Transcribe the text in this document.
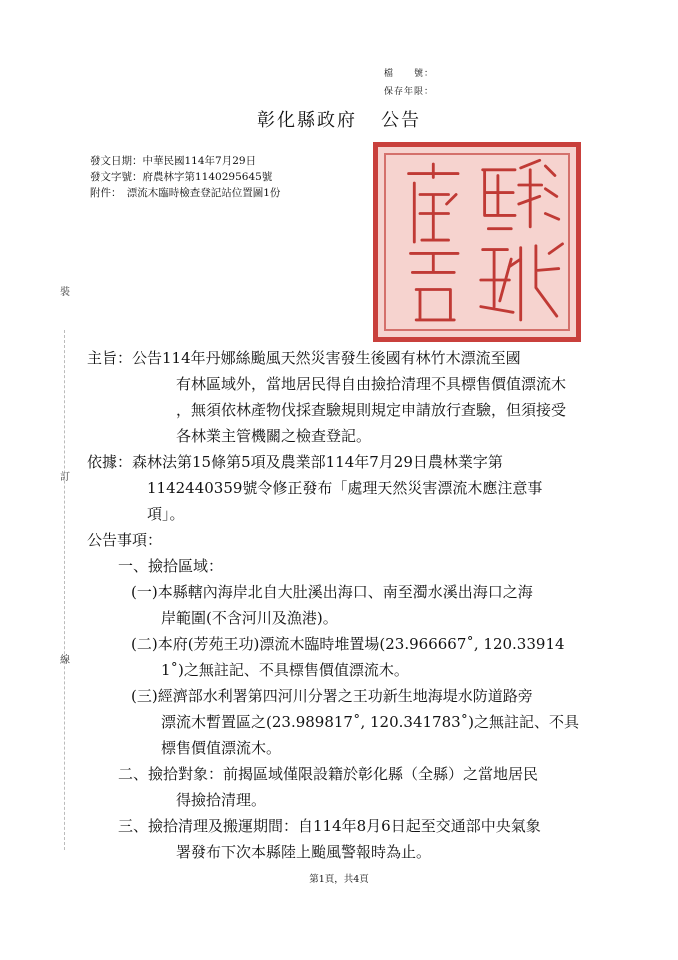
裝
訂
線
檔　　號：
保存年限：
彰化縣政府 公告
發文日期：中華民國114年7月29日
發文字號：府農林字第1140295645號
附件：　漂流木臨時檢查登記站位置圖1份
主旨：公告114年丹娜絲颱風天然災害發生後國有林竹木漂流至國
有林區域外，當地居民得自由撿拾清理不具標售價值漂流木
，無須依林產物伐採查驗規則規定申請放行查驗，但須接受
各林業主管機關之檢查登記。
依據：森林法第15條第5項及農業部114年7月29日農林業字第
1142440359號令修正發布「處理天然災害漂流木應注意事
項」。
公告事項：
一、撿拾區域：
(一)本縣轄內海岸北自大肚溪出海口、南至濁水溪出海口之海
岸範圍(不含河川及漁港)。
(二)本府(芳苑王功)漂流木臨時堆置場(23.966667˚, 120.33914
1˚)之無註記、不具標售價值漂流木。
(三)經濟部水利署第四河川分署之王功新生地海堤水防道路旁
漂流木暫置區之(23.989817˚, 120.341783˚)之無註記、不具
標售價值漂流木。
二、撿拾對象：前揭區域僅限設籍於彰化縣（全縣）之當地居民
得撿拾清理。
三、撿拾清理及搬運期間：自114年8月6日起至交通部中央氣象
署發布下次本縣陸上颱風警報時為止。
第1頁，共4頁
